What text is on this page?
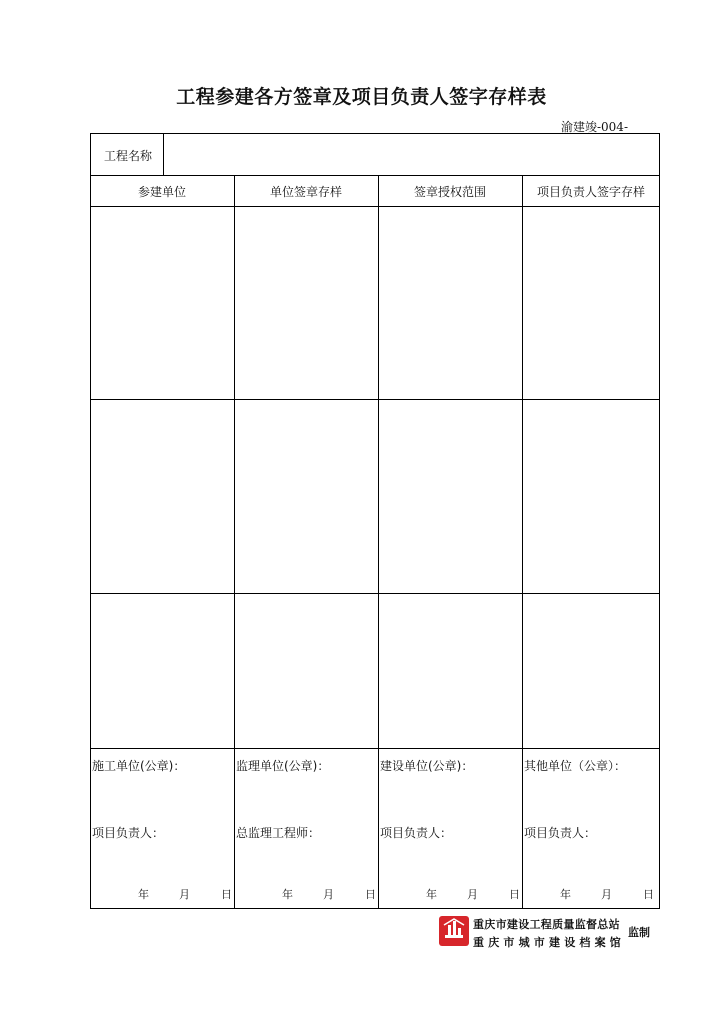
工程参建各方签章及项目负责人签字存样表
渝建竣-004-
工程名称
参建单位	单位签章存样	签章授权范围	项目负责人签字存样
施工单位(公章)：
项目负责人：
年	月	日
监理单位(公章)：
总监理工程师：
年	月	日
建设单位(公章)：
项目负责人：
年	月	日
其他单位（公章）：
项目负责人：
年	月	日
重庆市建设工程质量监督总站
重庆市城市建设档案馆
监制
